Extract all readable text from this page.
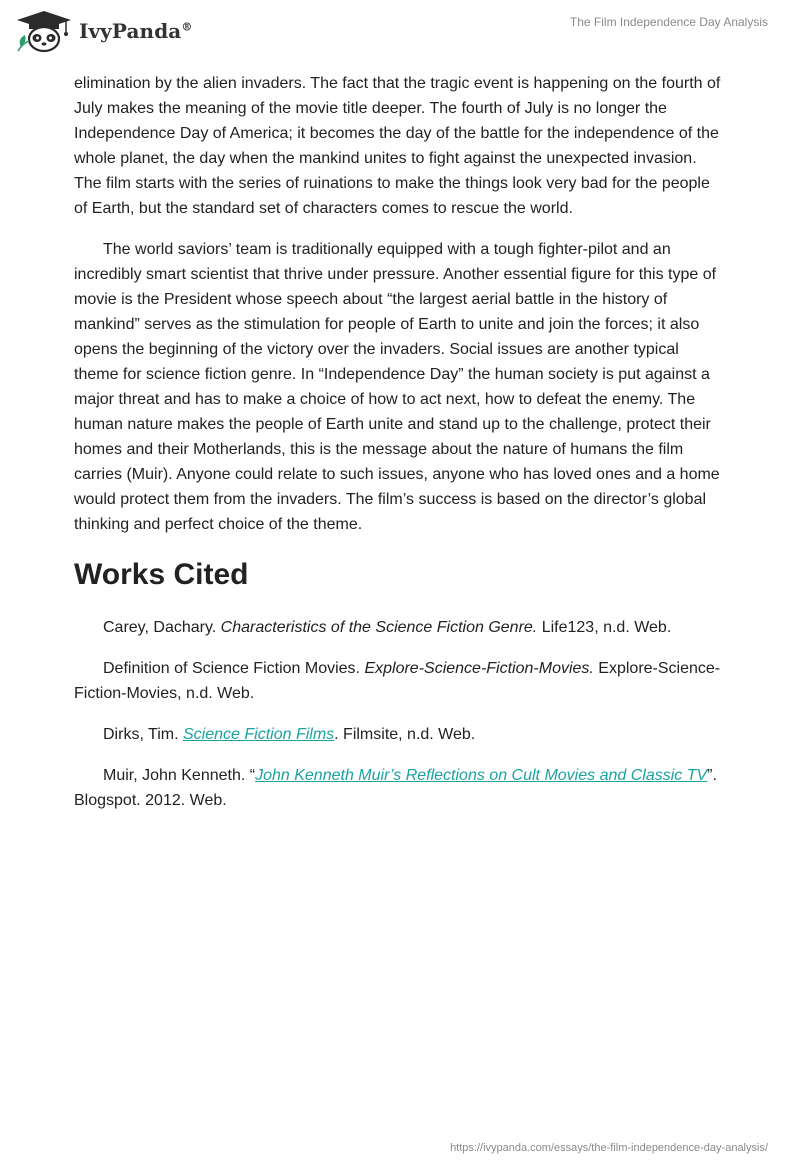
IvyPanda®	The Film Independence Day Analysis

elimination by the alien invaders. The fact that the tragic event is happening on the fourth of July makes the meaning of the movie title deeper. The fourth of July is no longer the Independence Day of America; it becomes the day of the battle for the independence of the whole planet, the day when the mankind unites to fight against the unexpected invasion. The film starts with the series of ruinations to make the things look very bad for the people of Earth, but the standard set of characters comes to rescue the world.

The world saviors’ team is traditionally equipped with a tough fighter-pilot and an incredibly smart scientist that thrive under pressure. Another essential figure for this type of movie is the President whose speech about “the largest aerial battle in the history of mankind” serves as the stimulation for people of Earth to unite and join the forces; it also opens the beginning of the victory over the invaders. Social issues are another typical theme for science fiction genre. In “Independence Day” the human society is put against a major threat and has to make a choice of how to act next, how to defeat the enemy. The human nature makes the people of Earth unite and stand up to the challenge, protect their homes and their Motherlands, this is the message about the nature of humans the film carries (Muir). Anyone could relate to such issues, anyone who has loved ones and a home would protect them from the invaders. The film’s success is based on the director’s global thinking and perfect choice of the theme.

Works Cited

Carey, Dachary. Characteristics of the Science Fiction Genre. Life123, n.d. Web.

Definition of Science Fiction Movies. Explore-Science-Fiction-Movies. Explore-Science-Fiction-Movies, n.d. Web.

Dirks, Tim. Science Fiction Films. Filmsite, n.d. Web.

Muir, John Kenneth. “John Kenneth Muir’s Reflections on Cult Movies and Classic TV”. Blogspot. 2012. Web.

https://ivypanda.com/essays/the-film-independence-day-analysis/
